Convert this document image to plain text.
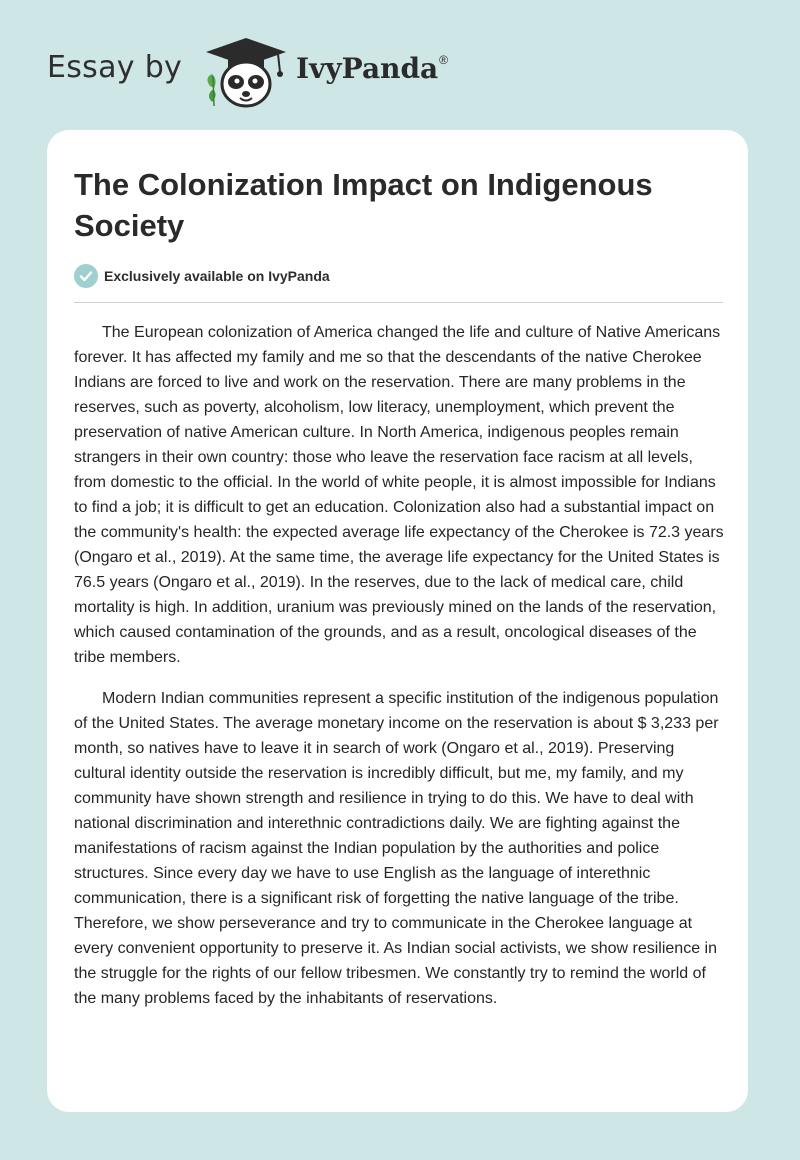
Essay by	IvyPanda®
The Colonization Impact on Indigenous Society
Exclusively available on IvyPanda

The European colonization of America changed the life and culture of Native Americans forever. It has affected my family and me so that the descendants of the native Cherokee Indians are forced to live and work on the reservation. There are many problems in the reserves, such as poverty, alcoholism, low literacy, unemployment, which prevent the preservation of native American culture. In North America, indigenous peoples remain strangers in their own country: those who leave the reservation face racism at all levels, from domestic to the official. In the world of white people, it is almost impossible for Indians to find a job; it is difficult to get an education. Colonization also had a substantial impact on the community's health: the expected average life expectancy of the Cherokee is 72.3 years (Ongaro et al., 2019). At the same time, the average life expectancy for the United States is 76.5 years (Ongaro et al., 2019). In the reserves, due to the lack of medical care, child mortality is high. In addition, uranium was previously mined on the lands of the reservation, which caused contamination of the grounds, and as a result, oncological diseases of the tribe members.

Modern Indian communities represent a specific institution of the indigenous population of the United States. The average monetary income on the reservation is about $ 3,233 per month, so natives have to leave it in search of work (Ongaro et al., 2019). Preserving cultural identity outside the reservation is incredibly difficult, but me, my family, and my community have shown strength and resilience in trying to do this. We have to deal with national discrimination and interethnic contradictions daily. We are fighting against the manifestations of racism against the Indian population by the authorities and police structures. Since every day we have to use English as the language of interethnic communication, there is a significant risk of forgetting the native language of the tribe. Therefore, we show perseverance and try to communicate in the Cherokee language at every convenient opportunity to preserve it. As Indian social activists, we show resilience in the struggle for the rights of our fellow tribesmen. We constantly try to remind the world of the many problems faced by the inhabitants of reservations.
